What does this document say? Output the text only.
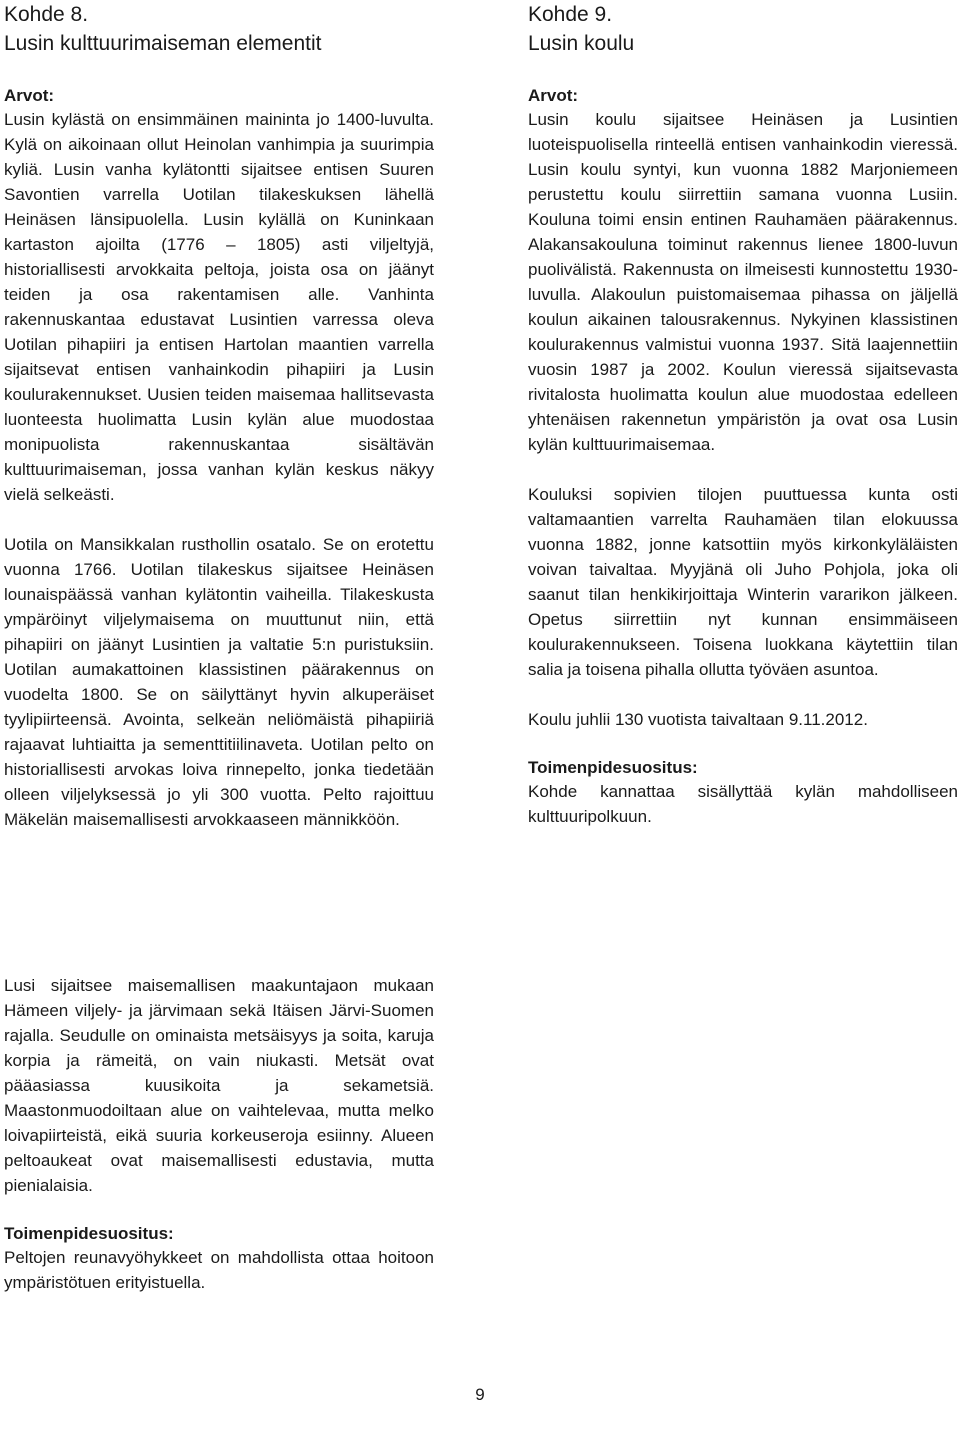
Kohde 8.
Lusin kulttuurimaiseman elementit

Arvot:

Lusin kylästä on ensimmäinen maininta jo 1400-luvulta. Kylä on aikoinaan ollut Heinolan vanhimpia ja suurimpia kyliä. Lusin vanha kylätontti sijaitsee entisen Suuren Savontien varrella Uotilan tilakeskuksen lähellä Heinäsen länsipuolella. Lusin kylällä on Kuninkaan kartaston ajoilta (1776 – 1805) asti viljeltyjä, historiallisesti arvokkaita peltoja, joista osa on jäänyt teiden ja osa rakentamisen alle. Vanhinta rakennuskantaa edustavat Lusintien varressa oleva Uotilan pihapiiri ja entisen Hartolan maantien varrella sijaitsevat entisen vanhainkodin pihapiiri ja Lusin koulurakennukset. Uusien teiden maisemaa hallitsevasta luonteesta huolimatta Lusin kylän alue muodostaa monipuolista rakennuskantaa sisältävän kulttuurimaiseman, jossa vanhan kylän keskus näkyy vielä selkeästi.

Uotila on Mansikkalan rusthollin osatalo. Se on erotettu vuonna 1766. Uotilan tilakeskus sijaitsee Heinäsen lounaispäässä vanhan kylätontin vaiheilla. Tilakeskusta ympäröinyt viljelymaisema on muuttunut niin, että pihapiiri on jäänyt Lusintien ja valtatie 5:n puristuksiin. Uotilan aumakattoinen klassistinen päärakennus on vuodelta 1800. Se on säilyttänyt hyvin alkuperäiset tyylipiirteensä. Avointa, selkeän neliömäistä pihapiiriä rajaavat luhtiaitta ja sementtitiilinaveta. Uotilan pelto on historiallisesti arvokas loiva rinnepelto, jonka tiedetään olleen viljelyksessä jo yli 300 vuotta. Pelto rajoittuu Mäkelän maisemallisesti arvokkaaseen männikköön.

Lusi sijaitsee maisemallisen maakuntajaon mukaan Hämeen viljely- ja järvimaan sekä Itäisen Järvi-Suomen rajalla. Seudulle on ominaista metsäisyys ja soita, karuja korpia ja rämeitä, on vain niukasti. Metsät ovat pääasiassa kuusikoita ja sekametsiä. Maastonmuodoiltaan alue on vaihtelevaa, mutta melko loivapiirteistä, eikä suuria korkeuseroja esiinny. Alueen peltoaukeat ovat maisemallisesti edustavia, mutta pienialaisia.

Toimenpidesuositus:

Peltojen reunavyöhykkeet on mahdollista ottaa hoitoon ympäristötuen erityistuella.

Kohde 9.
Lusin koulu

Arvot:

Lusin koulu sijaitsee Heinäsen ja Lusintien luoteispuolisella rinteellä entisen vanhainkodin vieressä. Lusin koulu syntyi, kun vuonna 1882 Marjoniemeen perustettu koulu siirrettiin samana vuonna Lusiin. Kouluna toimi ensin entinen Rauhamäen päärakennus. Alakansakouluna toiminut rakennus lienee 1800-luvun puolivälistä. Rakennusta on ilmeisesti kunnostettu 1930-luvulla. Alakoulun puistomaisemaa pihassa on jäljellä koulun aikainen talousrakennus. Nykyinen klassistinen koulurakennus valmistui vuonna 1937. Sitä laajennettiin vuosin 1987 ja 2002. Koulun vieressä sijaitsevasta rivitalosta huolimatta koulun alue muodostaa edelleen yhtenäisen rakennetun ympäristön ja ovat osa Lusin kylän kulttuurimaisemaa.

Kouluksi sopivien tilojen puuttuessa kunta osti valtamaantien varrelta Rauhamäen tilan elokuussa vuonna 1882, jonne katsottiin myös kirkonkyläläisten voivan taivaltaa. Myyjänä oli Juho Pohjola, joka oli saanut tilan henkikirjoittaja Winterin vararikon jälkeen. Opetus siirrettiin nyt kunnan ensimmäiseen koulurakennukseen. Toisena luokkana käytettiin tilan salia ja toisena pihalla ollutta työväen asuntoa.

Koulu juhlii 130 vuotista taivaltaan 9.11.2012.

Toimenpidesuositus:

Kohde kannattaa sisällyttää kylän mahdolliseen kulttuuripolkuun.

9
